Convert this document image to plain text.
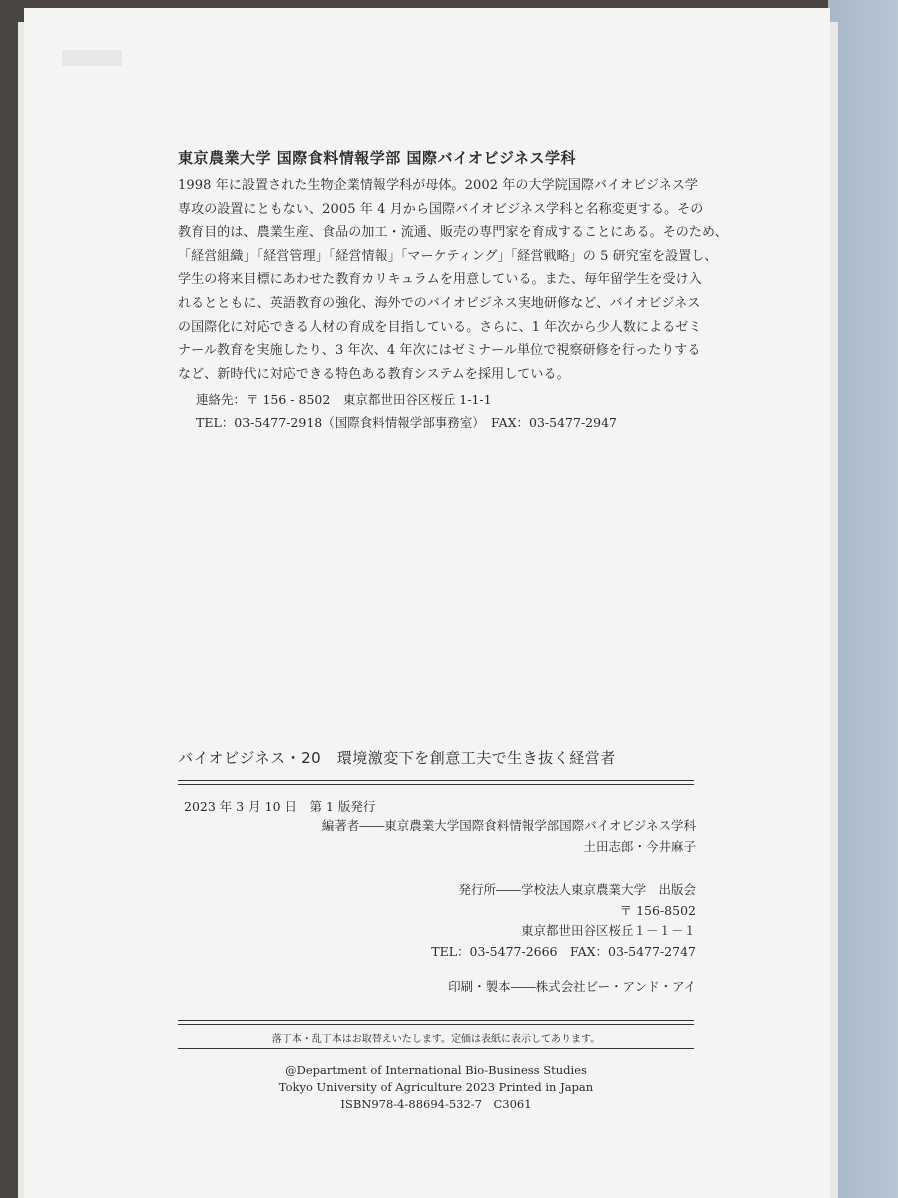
東京農業大学 国際食料情報学部 国際バイオビジネス学科
1998 年に設置された生物企業情報学科が母体。2002 年の大学院国際バイオビジネス学
専攻の設置にともない、2005 年 4 月から国際バイオビジネス学科と名称変更する。その
教育目的は、農業生産、食品の加工・流通、販売の専門家を育成することにある。そのため、
「経営組織」「経営管理」「経営情報」「マーケティング」「経営戦略」の 5 研究室を設置し、
学生の将来目標にあわせた教育カリキュラムを用意している。また、毎年留学生を受け入
れるとともに、英語教育の強化、海外でのバイオビジネス実地研修など、バイオビジネス
の国際化に対応できる人材の育成を目指している。さらに、1 年次から少人数によるゼミ
ナール教育を実施したり、3 年次、4 年次にはゼミナール単位で視察研修を行ったりする
など、新時代に対応できる特色ある教育システムを採用している。
連絡先：〒 156 - 8502　東京都世田谷区桜丘 1-1-1
TEL：03-5477-2918（国際食料情報学部事務室）　FAX：03-5477-2947
バイオビジネス・20　環境激変下を創意工夫で生き抜く経営者
2023 年 3 月 10 日　第 1 版発行
編著者――東京農業大学国際食料情報学部国際バイオビジネス学科
土田志郎・今井麻子
発行所――学校法人東京農業大学　出版会
〒 156-8502
東京都世田谷区桜丘１－１－１
TEL：03-5477-2666　FAX：03-5477-2747
印刷・製本――株式会社ビー・アンド・アイ
落丁本・乱丁本はお取替えいたします。定価は表紙に表示してあります。
@Department of International Bio-Business Studies
Tokyo University of Agriculture 2023 Printed in Japan
ISBN978-4-88694-532-7　C3061
